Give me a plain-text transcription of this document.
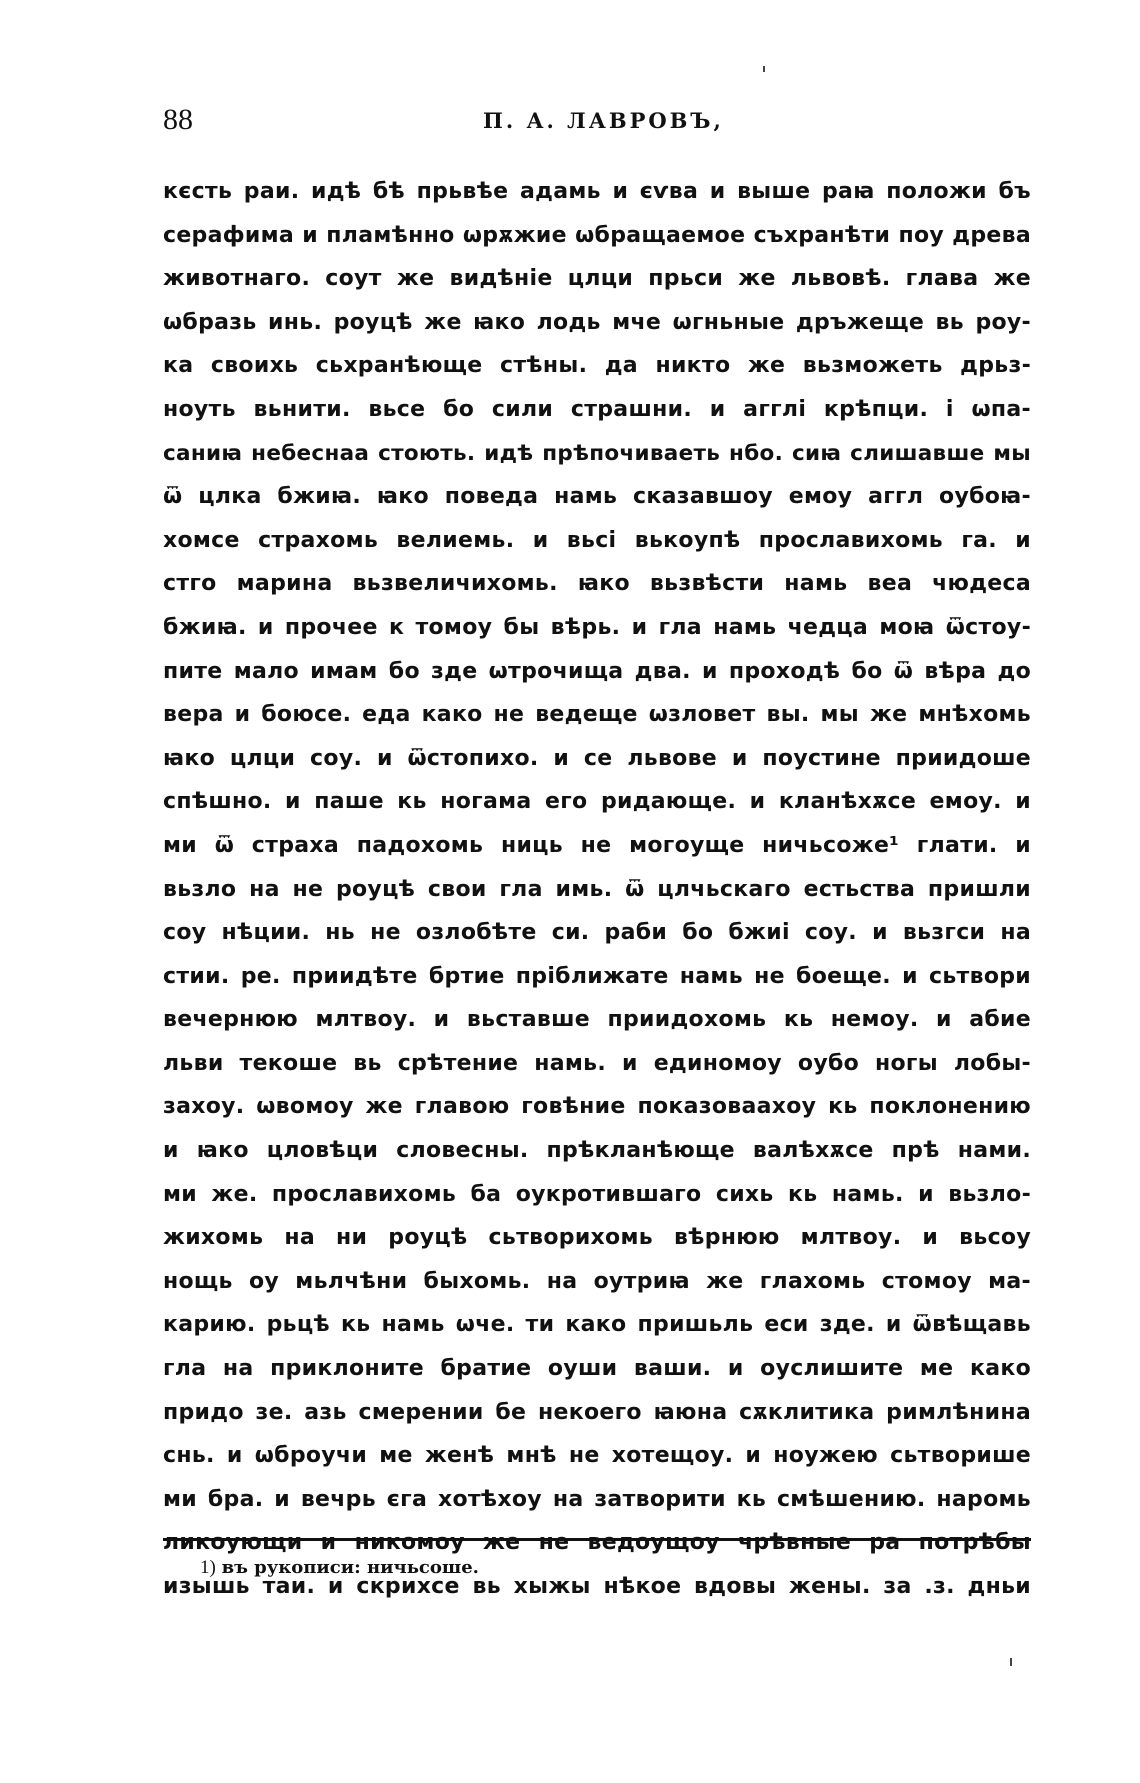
88	П. А. ЛАВРОВЪ,
кєсть раи. идѣ бѣ прьвѣе адамь и єѵва и выше раꙗ положи бъ
серафима и пламѣнно ѡрѫжие ѡбращаемое съхранѣти поу древа
животнаго. соут же видѣніе цлци прьси же львовѣ. глава же
ѡбразь инь. роуцѣ же ꙗко лодь мче ѡгньные дръжеще вь роу-
ка своихь сьхранѣюще стѣны. да никто же вьзможеть дрьз-
ноуть вьнити. вьсе бо сили страшни. и агглі крѣпци. і ѡпа-
саниꙗ небеснаа стоють. идѣ прѣпочиваеть нбо. сиꙗ слишавше мы
ѿ цлка бжиꙗ. ꙗко поведа намь сказавшоу емоу аггл оубоꙗ-
хомсе страхомь велиемь. и вьсі вькоупѣ прославихомь га. и
стго марина вьзвеличихомь. ꙗко вьзвѣсти намь веа чюдеса
бжиꙗ. и прочее к томоу бы вѣрь. и гла намь чедца моꙗ ѿстоу-
пите мало имам бо зде ѡтрочища два. и проходѣ бо ѿ вѣра до
вера и боюсе. еда како не ведеще ѡзловет вы. мы же мнѣхомь
ꙗко цлци соу. и ѿстопихо. и се львове и поустине приидоше
спѣшно. и паше кь ногама его ридающе. и кланѣхѫсе емоу. и
ми ѿ страха падохомь ниць не могоуще ничьсоже¹ глати. и
вьзло на не роуцѣ свои гла имь. ѿ цлчьскаго естьства пришли
соу нѣции. нь не озлобѣте си. раби бо бжиі соу. и вьзгси на
стии. ре. приидѣте бртие пріближате намь не боеще. и сьтвори
вечернюю млтвоу. и вьставше приидохомь кь немоу. и абие
льви текоше вь срѣтение намь. и единомоу оубо ногы лобы-
захоу. ѡвомоу же главою говѣние показоваахоу кь поклонению
и ꙗко цловѣци словесны. прѣкланѣюще валѣхѫсе прѣ нами.
ми же. прославихомь ба оукротившаго сихь кь намь. и вьзло-
жихомь на ни роуцѣ сьтворихомь вѣрнюю млтвоу. и вьсоу
нощь оу мьлчѣни быхомь. на оутриꙗ же глахомь стомоу ма-
карию. рьцѣ кь намь ѡче. ти како пришьль еси зде. и ѿвѣщавь
гла на приклоните братие оуши ваши. и оуслишите ме како
придо зе. азь смерении бе некоего ꙗюна сѫклитика римлѣнина
снь. и ѡброучи ме женѣ мнѣ не хотещоу. и ноужею сьтворише
ми бра. и вечрь єга хотѣхоу на затворити кь смѣшению. наромь
ликоующи и никомоу же не ведоущоу чрѣвные ра потрѣбы
изышь таи. и скрихсе вь хыжы нѣкое вдовы жены. за .з. дньи
1) въ рукописи: ничьсоше.
